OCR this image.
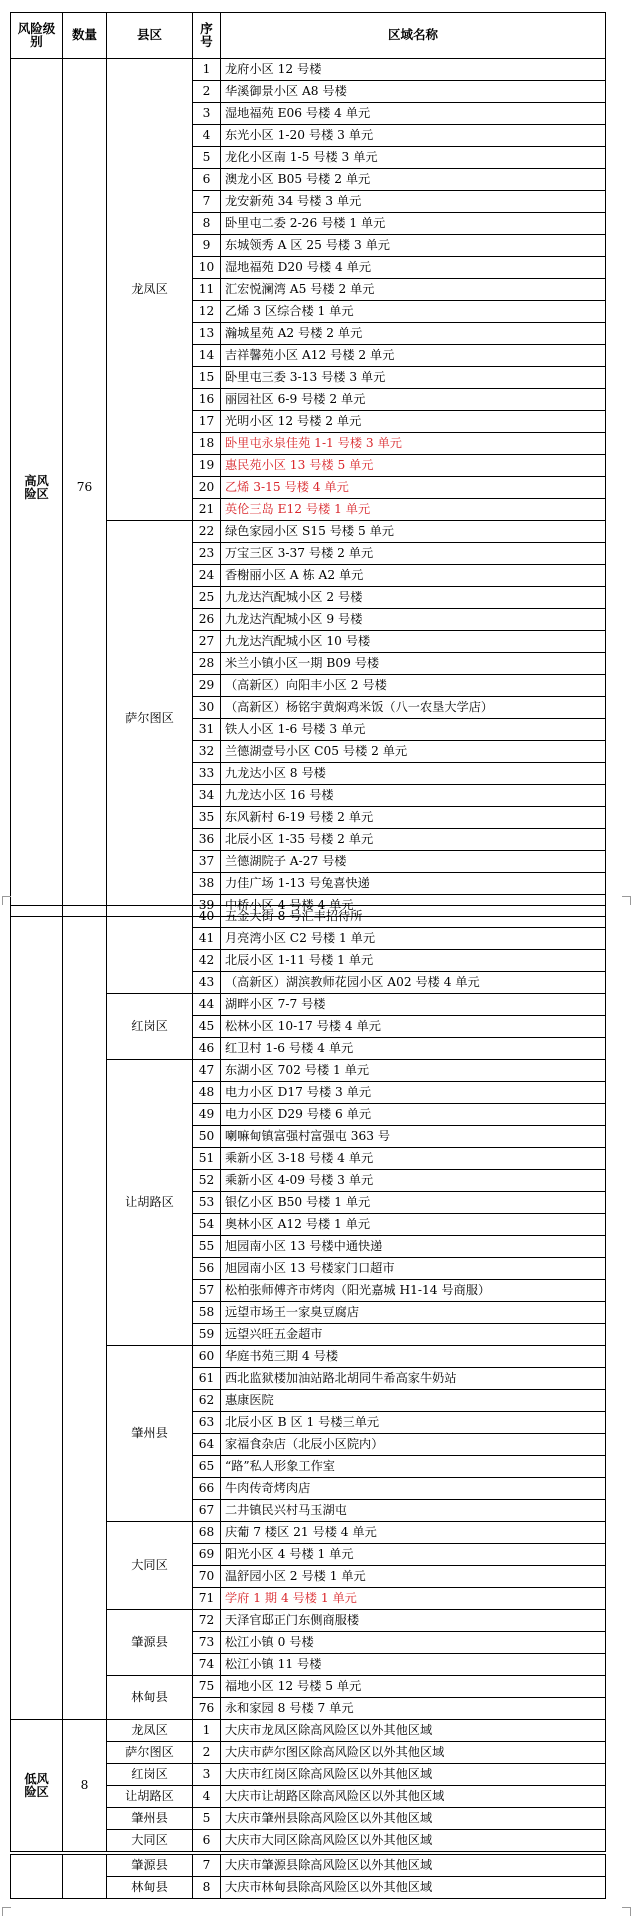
风险级别	数量	县区	序号	区域名称
高风险区	76	龙凤区	1	龙府小区 12 号楼
			2	华溪御景小区 A8 号楼
			3	湿地福苑 E06 号楼 4 单元
			4	东光小区 1-20 号楼 3 单元
			5	龙化小区南 1-5 号楼 3 单元
			6	澳龙小区 B05 号楼 2 单元
			7	龙安新苑 34 号楼 3 单元
			8	卧里屯二委 2-26 号楼 1 单元
			9	东城领秀 A 区 25 号楼 3 单元
			10	湿地福苑 D20 号楼 4 单元
			11	汇宏悦澜湾 A5 号楼 2 单元
			12	乙烯 3 区综合楼 1 单元
			13	瀚城星苑 A2 号楼 2 单元
			14	吉祥馨苑小区 A12 号楼 2 单元
			15	卧里屯三委 3-13 号楼 3 单元
			16	丽园社区 6-9 号楼 2 单元
			17	光明小区 12 号楼 2 单元
			18	卧里屯永泉佳苑 1-1 号楼 3 单元
			19	惠民苑小区 13 号楼 5 单元
			20	乙烯 3-15 号楼 4 单元
			21	英伦三岛 E12 号楼 1 单元
		萨尔图区	22	绿色家园小区 S15 号楼 5 单元
			23	万宝三区 3-37 号楼 2 单元
			24	香榭丽小区 A 栋 A2 单元
			25	九龙达汽配城小区 2 号楼
			26	九龙达汽配城小区 9 号楼
			27	九龙达汽配城小区 10 号楼
			28	米兰小镇小区一期 B09 号楼
			29	（高新区）向阳丰小区 2 号楼
			30	（高新区）杨铭宇黄焖鸡米饭（八一农垦大学店）
			31	铁人小区 1-6 号楼 3 单元
			32	兰德湖壹号小区 C05 号楼 2 单元
			33	九龙达小区 8 号楼
			34	九龙达小区 16 号楼
			35	东风新村 6-19 号楼 2 单元
			36	北辰小区 1-35 号楼 2 单元
			37	兰德湖院子 A-27 号楼
			38	力佳广场 1-13 号兔喜快递
			39	中桥小区 4 号楼 4 单元
			40	五金大街 8 号汇丰招待所
			41	月亮湾小区 C2 号楼 1 单元
			42	北辰小区 1-11 号楼 1 单元
			43	（高新区）湖滨教师花园小区 A02 号楼 4 单元
		红岗区	44	湖畔小区 7-7 号楼
			45	松林小区 10-17 号楼 4 单元
			46	红卫村 1-6 号楼 4 单元
		让胡路区	47	东湖小区 702 号楼 1 单元
			48	电力小区 D17 号楼 3 单元
			49	电力小区 D29 号楼 6 单元
			50	喇嘛甸镇富强村富强屯 363 号
			51	乘新小区 3-18 号楼 4 单元
			52	乘新小区 4-09 号楼 3 单元
			53	银亿小区 B50 号楼 1 单元
			54	奥林小区 A12 号楼 1 单元
			55	旭园南小区 13 号楼中通快递
			56	旭园南小区 13 号楼家门口超市
			57	松柏张师傅齐市烤肉（阳光嘉城 H1-14 号商服）
			58	远望市场王一家臭豆腐店
			59	远望兴旺五金超市
		肇州县	60	华庭书苑三期 4 号楼
			61	西北监狱楼加油站路北胡同牛希高家牛奶站
			62	惠康医院
			63	北辰小区 B 区 1 号楼三单元
			64	家福食杂店（北辰小区院内）
			65	“路”私人形象工作室
			66	牛肉传奇烤肉店
			67	二井镇民兴村马玉湖屯
		大同区	68	庆葡 7 楼区 21 号楼 4 单元
			69	阳光小区 4 号楼 1 单元
			70	温舒园小区 2 号楼 1 单元
			71	学府 1 期 4 号楼 1 单元
		肇源县	72	天泽官邸正门东侧商服楼
			73	松江小镇 0 号楼
			74	松江小镇 11 号楼
		林甸县	75	福地小区 12 号楼 5 单元
			76	永和家园 8 号楼 7 单元
低风险区	8	龙凤区	1	大庆市龙凤区除高风险区以外其他区域
		萨尔图区	2	大庆市萨尔图区除高风险区以外其他区域
		红岗区	3	大庆市红岗区除高风险区以外其他区域
		让胡路区	4	大庆市让胡路区除高风险区以外其他区域
		肇州县	5	大庆市肇州县除高风险区以外其他区域
		大同区	6	大庆市大同区除高风险区以外其他区域
		肇源县	7	大庆市肇源县除高风险区以外其他区域
		林甸县	8	大庆市林甸县除高风险区以外其他区域
